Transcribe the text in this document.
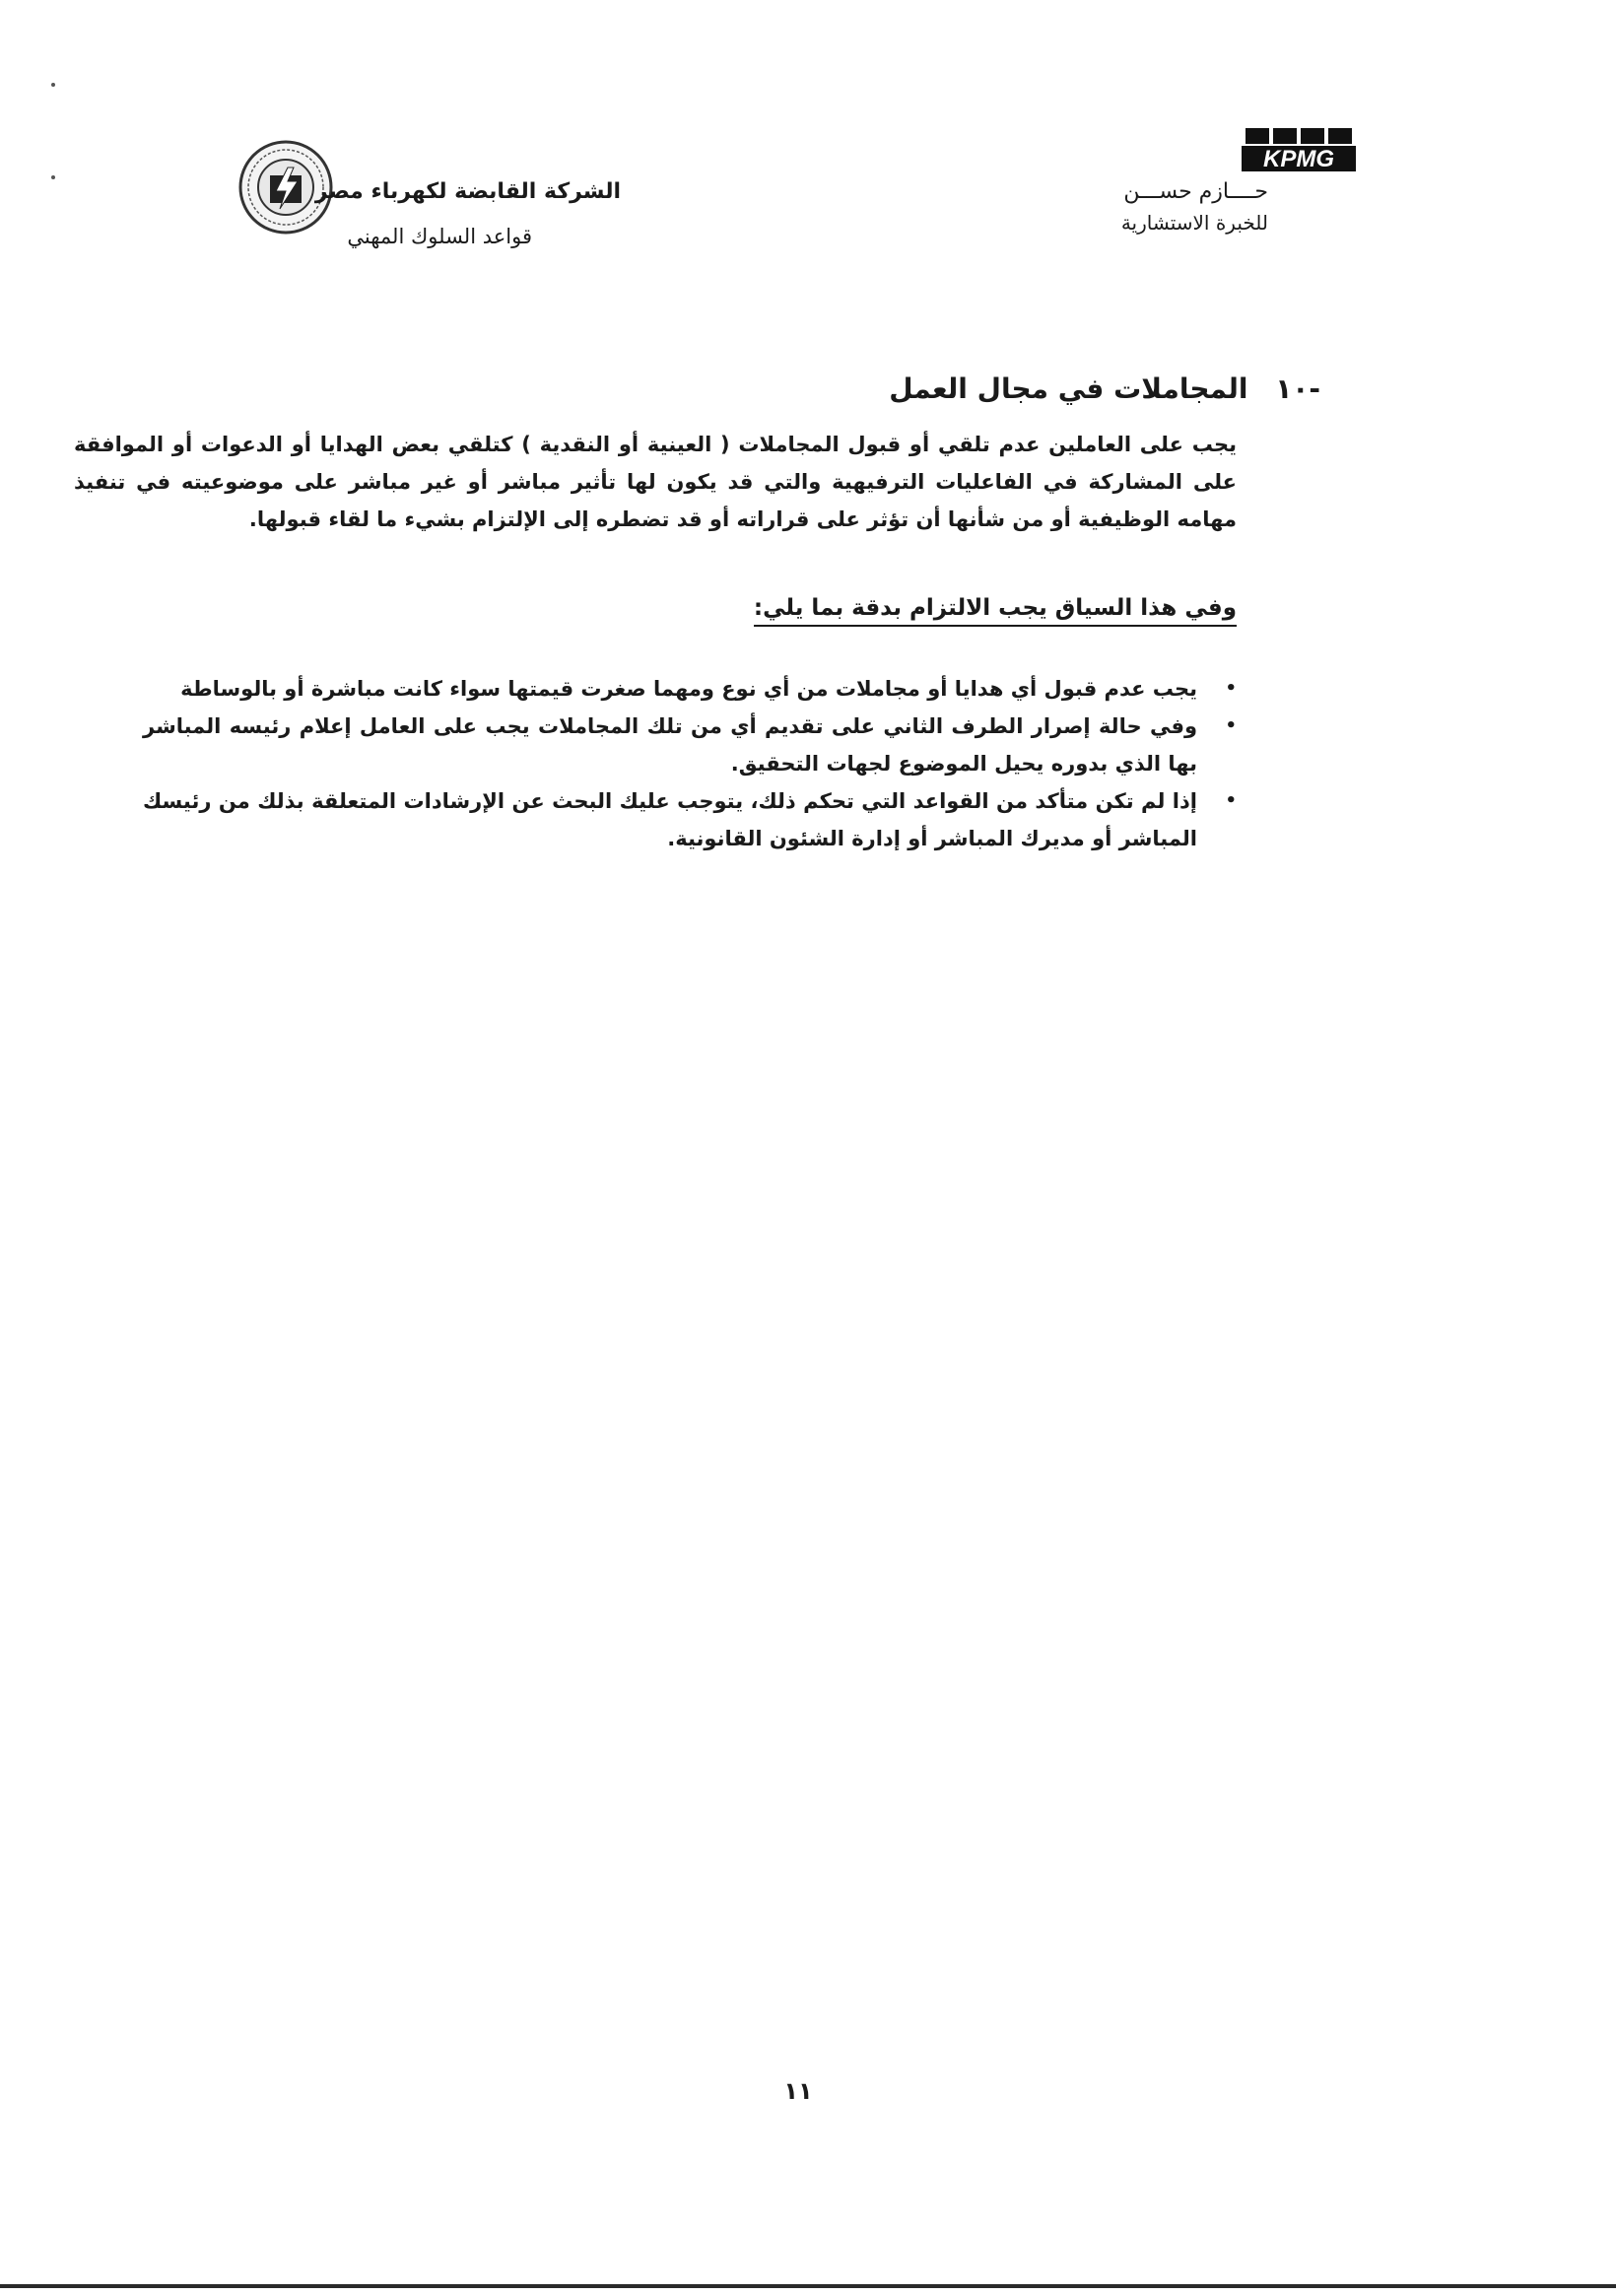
الشركة القابضة لكهرباء مصر
قواعد السلوك المهني
KPMG
حــــازم حســـن
للخبرة الاستشارية
-١٠ المجاملات في مجال العمل
يجب على العاملين عدم تلقي أو قبول المجاملات ( العينية أو النقدية ) كتلقي بعض الهدايا أو الدعوات أو الموافقة على المشاركة في الفاعليات الترفيهية والتي قد يكون لها تأثير مباشر أو غير مباشر على موضوعيته في تنفيذ مهامه الوظيفية أو من شأنها أن تؤثر على قراراته أو قد تضطره إلى الإلتزام بشيء ما لقاء قبولها.
وفي هذا السياق يجب الالتزام بدقة بما يلي:
•
يجب عدم قبول أي هدايا أو مجاملات من أي نوع ومهما صغرت قيمتها سواء كانت مباشرة أو بالوساطة
•
وفي حالة إصرار الطرف الثاني على تقديم أي من تلك المجاملات يجب على العامل إعلام رئيسه المباشر بها الذي بدوره يحيل الموضوع لجهات التحقيق.
•
إذا لم تكن متأكد من القواعد التي تحكم ذلك، يتوجب عليك البحث عن الإرشادات المتعلقة بذلك من رئيسك المباشر أو مديرك المباشر أو إدارة الشئون القانونية.
١١
